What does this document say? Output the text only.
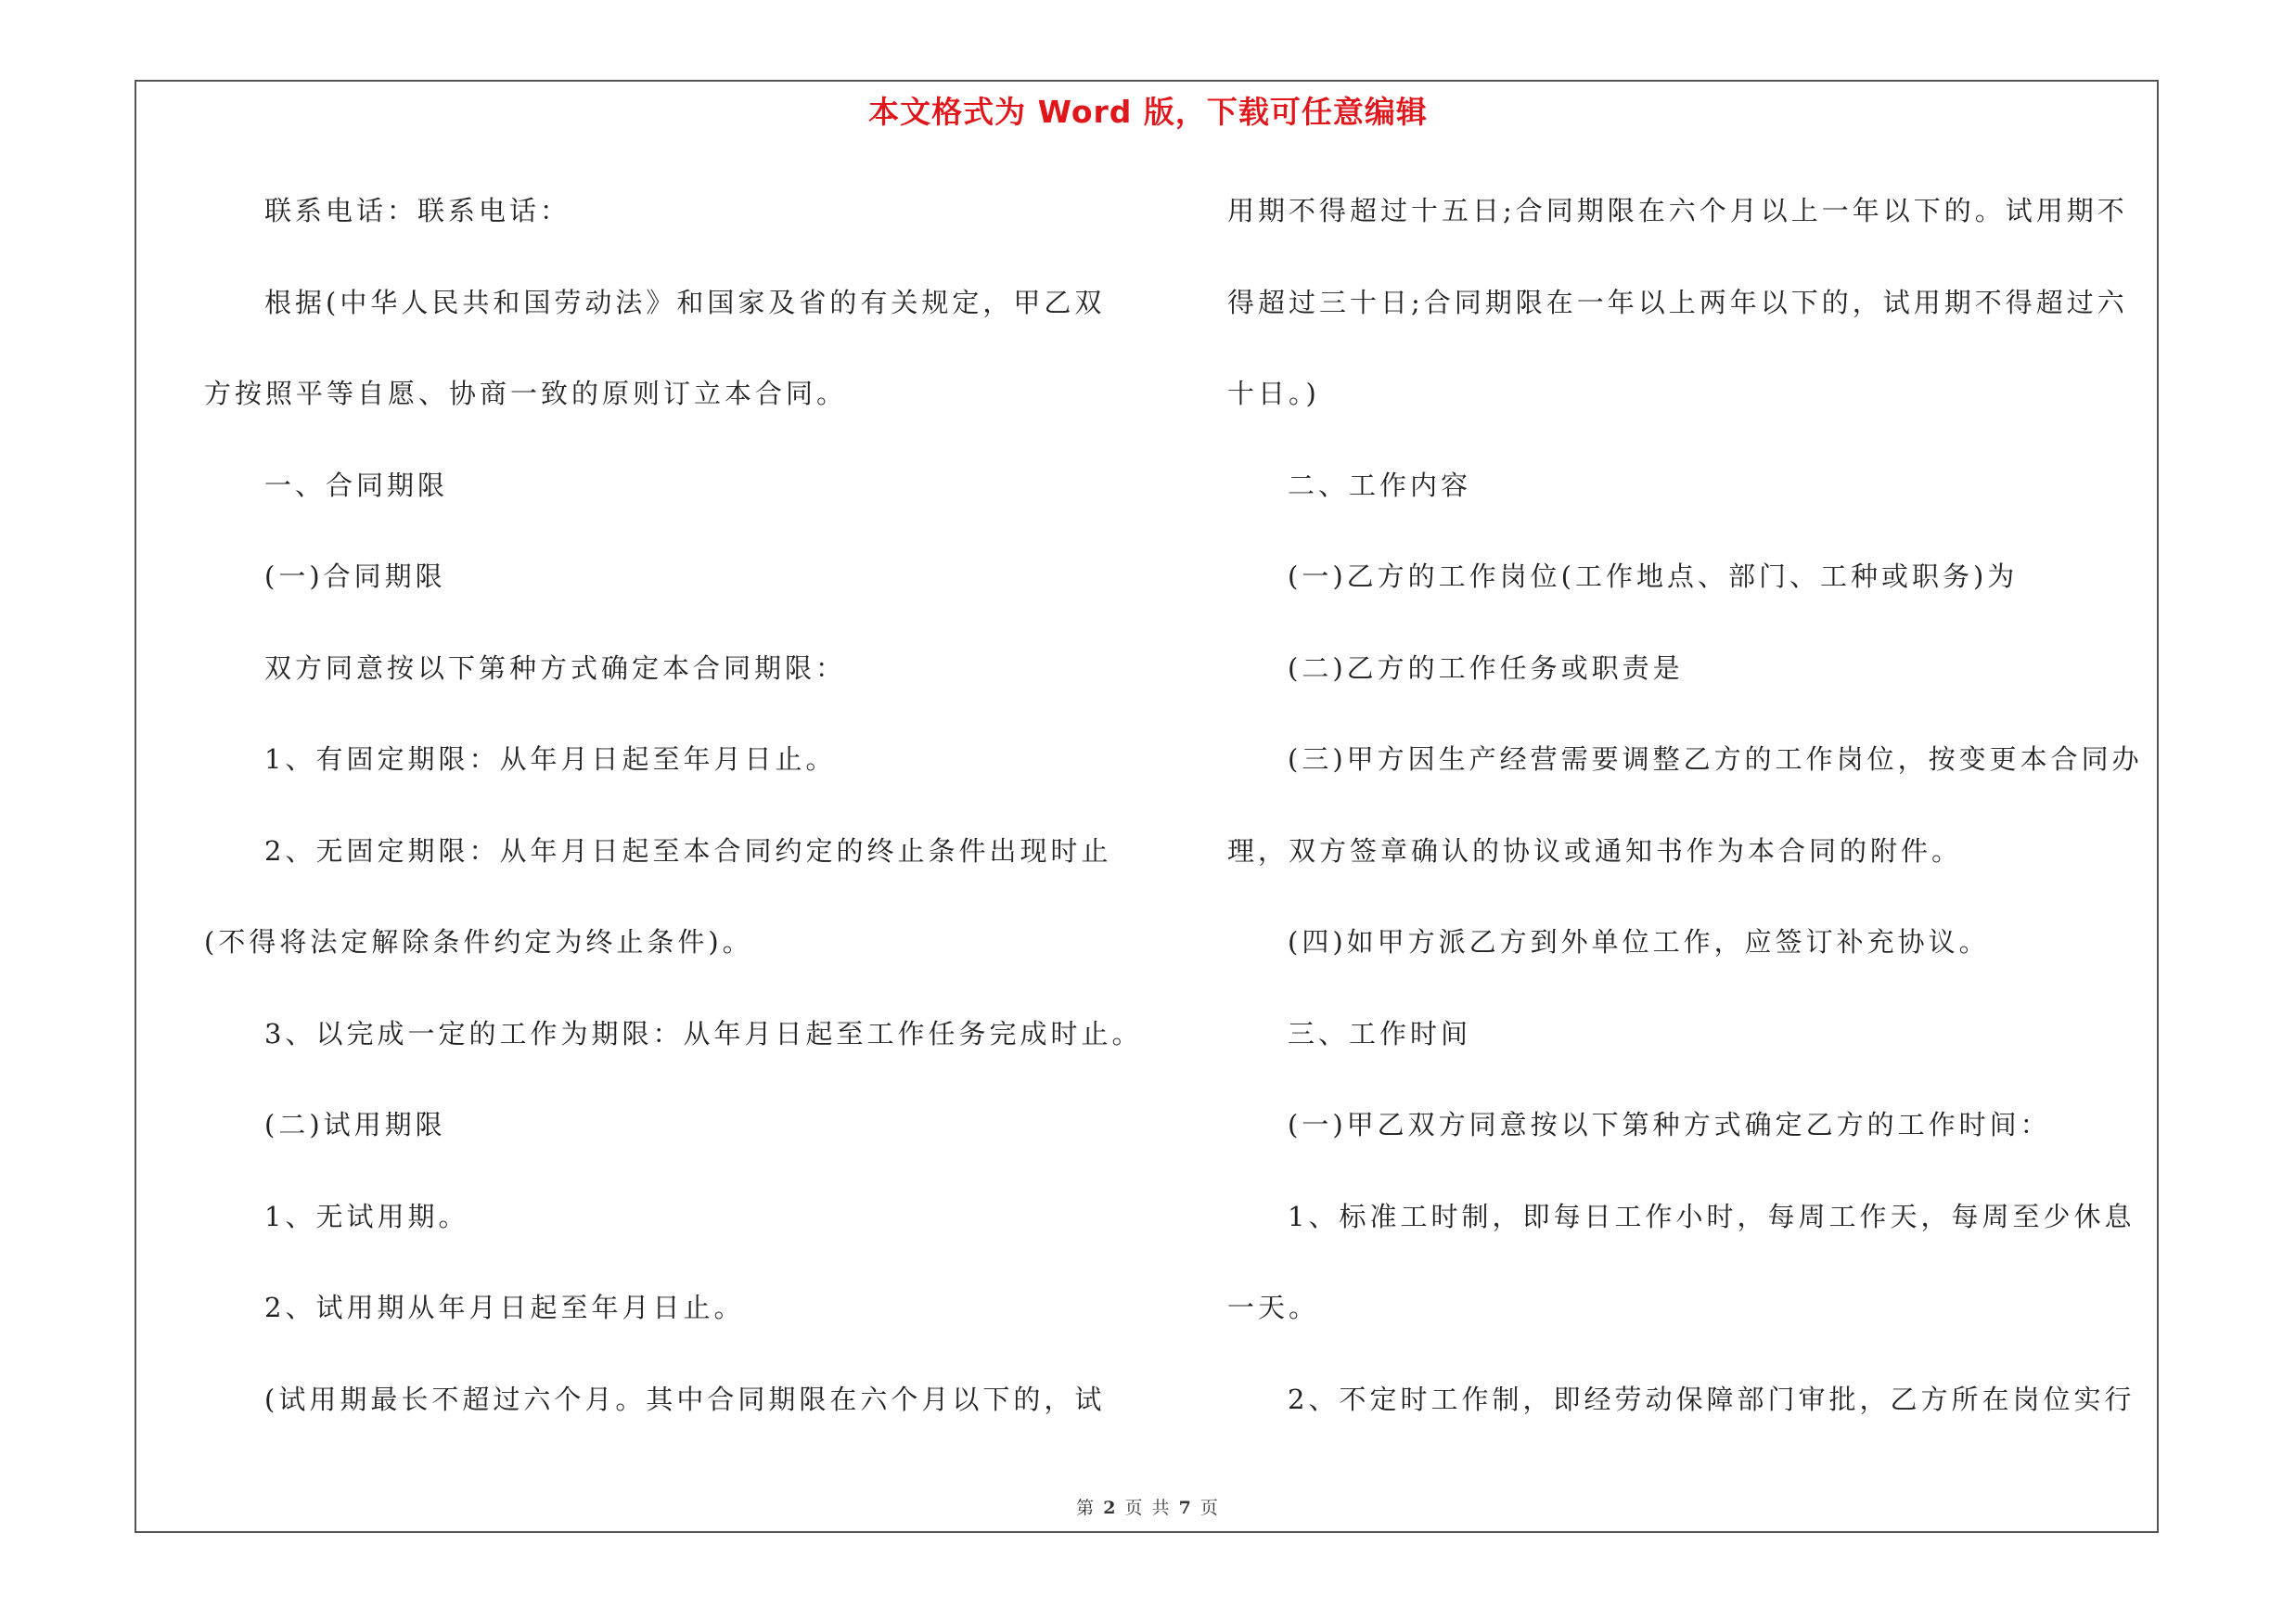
本文格式为 Word 版，下载可任意编辑
联系电话：联系电话：
根据(中华人民共和国劳动法》和国家及省的有关规定，甲乙双
方按照平等自愿、协商一致的原则订立本合同。
一、合同期限
(一)合同期限
双方同意按以下第种方式确定本合同期限：
1、有固定期限：从年月日起至年月日止。
2、无固定期限：从年月日起至本合同约定的终止条件出现时止
(不得将法定解除条件约定为终止条件)。
3、以完成一定的工作为期限：从年月日起至工作任务完成时止。
(二)试用期限
1、无试用期。
2、试用期从年月日起至年月日止。
(试用期最长不超过六个月。其中合同期限在六个月以下的，试
用期不得超过十五日;合同期限在六个月以上一年以下的。试用期不
得超过三十日;合同期限在一年以上两年以下的，试用期不得超过六
十日。)
二、工作内容
(一)乙方的工作岗位(工作地点、部门、工种或职务)为
(二)乙方的工作任务或职责是
(三)甲方因生产经营需要调整乙方的工作岗位，按变更本合同办
理，双方签章确认的协议或通知书作为本合同的附件。
(四)如甲方派乙方到外单位工作，应签订补充协议。
三、工作时间
(一)甲乙双方同意按以下第种方式确定乙方的工作时间：
1、标准工时制，即每日工作小时，每周工作天，每周至少休息
一天。
2、不定时工作制，即经劳动保障部门审批，乙方所在岗位实行
第 2 页 共 7 页
